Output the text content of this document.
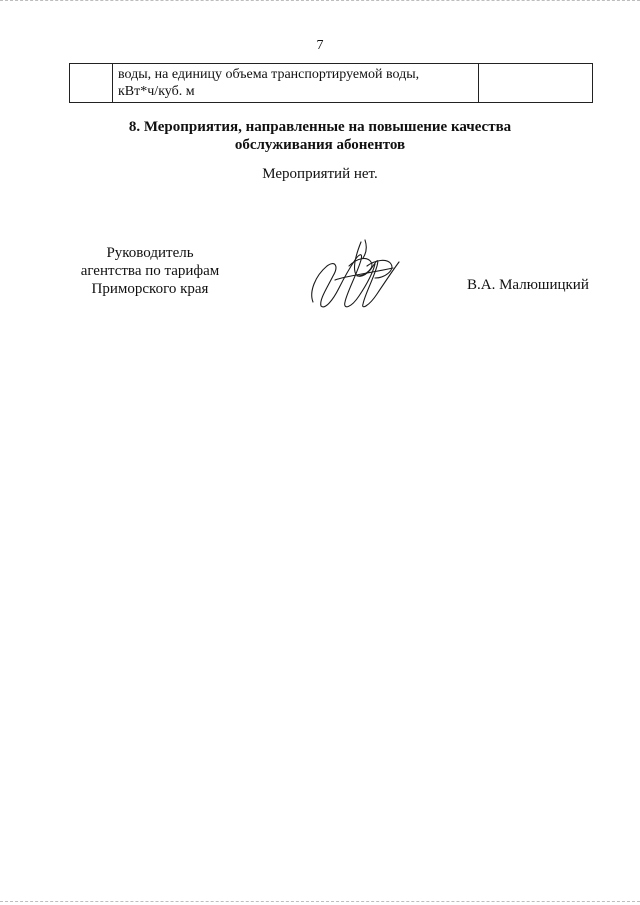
7

воды, на единицу объема транспортируемой воды,
кВт*ч/куб. м

8. Мероприятия, направленные на повышение качества
обслуживания абонентов
Мероприятий нет.
Руководитель
агентства по тарифам
Приморского края	В.А. Малюшицкий
